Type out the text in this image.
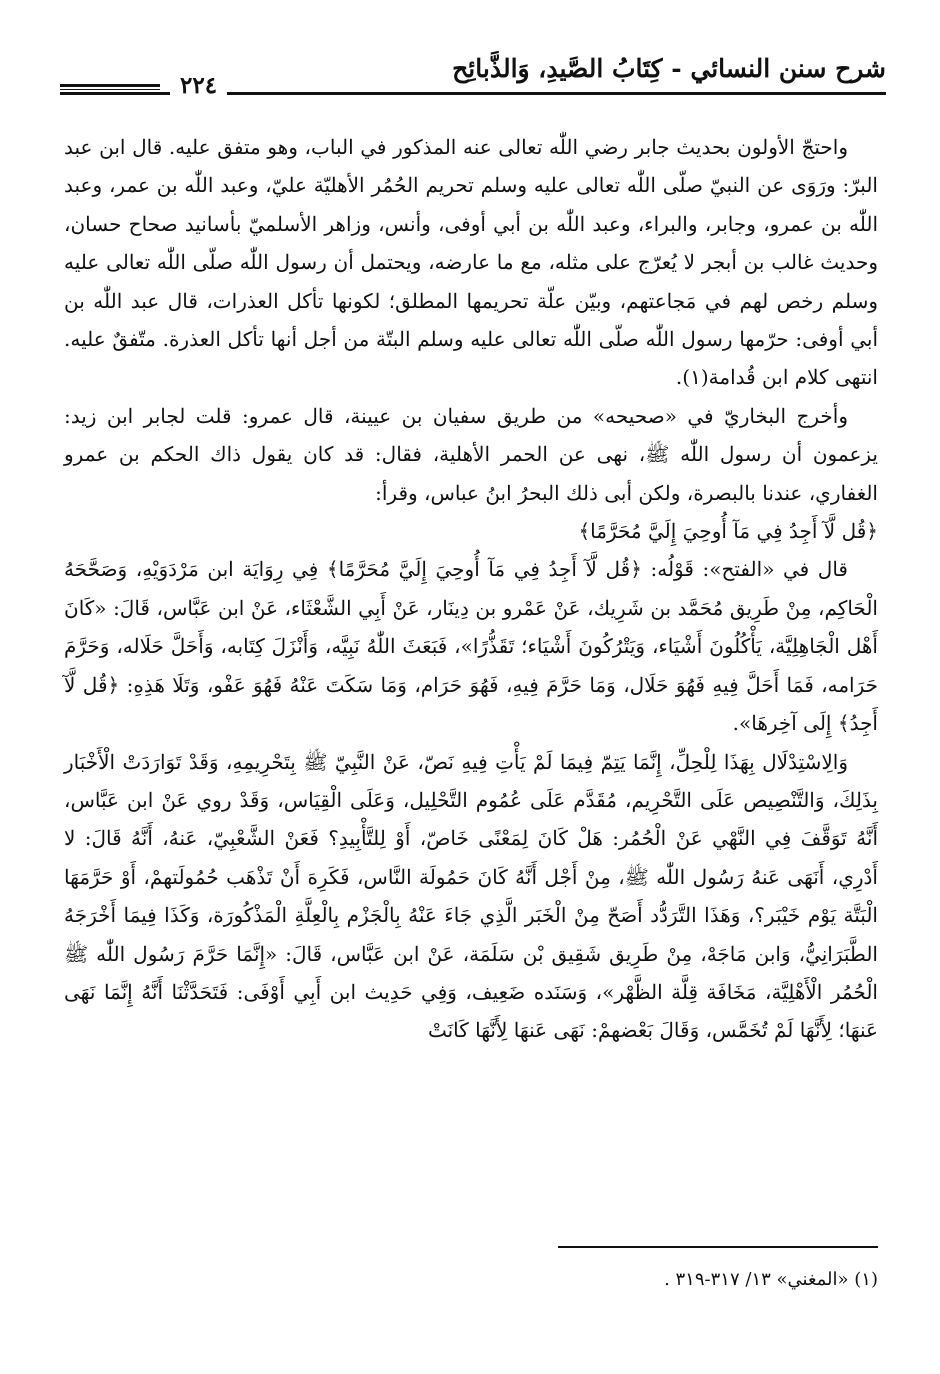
شرح سنن النسائي - كِتَابُ الصَّيدِ، وَالذَّبائِح
٢٢٤

واحتجّ الأولون بحديث جابر رضي اللّٰه تعالى عنه المذكور في الباب، وهو متفق عليه. قال ابن عبد البرّ: ورَوَى عن النبيّ صلّى اللّٰه تعالى عليه وسلم تحريم الحُمُر الأهليّة عليّ، وعبد اللّٰه بن عمر، وعبد اللّٰه بن عمرو، وجابر، والبراء، وعبد اللّٰه بن أبي أوفى، وأنس، وزاهر الأسلميّ بأسانيد صحاح حسان، وحديث غالب بن أبجر لا يُعرّج على مثله، مع ما عارضه، ويحتمل أن رسول اللّٰه صلّى اللّٰه تعالى عليه وسلم رخص لهم في مَجاعتهم، وبيّن علّة تحريمها المطلق؛ لكونها تأكل العذرات، قال عبد اللّٰه بن أبي أوفى: حرّمها رسول اللّٰه صلّى اللّٰه تعالى عليه وسلم البتّة من أجل أنها تأكل العذرة. متّفقٌ عليه. انتهى كلام ابن قُدامة(١).

وأخرج البخاريّ في «صحيحه» من طريق سفيان بن عيينة، قال عمرو: قلت لجابر ابن زيد: يزعمون أن رسول اللّٰه ﷺ، نهى عن الحمر الأهلية، فقال: قد كان يقول ذاك الحكم بن عمرو الغفاري، عندنا بالبصرة، ولكن أبى ذلك البحرُ ابنُ عباس، وقرأ:

﴿قُل لَّآ أَجِدُ فِي مَآ أُوحِيَ إِلَيَّ مُحَرَّمًا﴾

قال في «الفتح»: قَوْلُه: ﴿قُل لَّآ أَجِدُ فِي مَآ أُوحِيَ إِلَيَّ مُحَرَّمًا﴾ فِي رِوَايَة ابن مَرْدَوَيْهِ، وَصَحَّحَهُ الْحَاكِم، مِنْ طَرِيق مُحَمَّد بن شَرِيك، عَنْ عَمْرو بن دِينَار، عَنْ أَبِي الشَّعْثَاء، عَنْ ابن عَبَّاس، قَالَ: «كَانَ أَهْل الْجَاهِلِيَّة، يَأْكُلُونَ أَشْيَاء، وَيَتْرُكُونَ أَشْيَاء؛ تَقَذُّرًا»، فَبَعَثَ اللّٰهُ نَبِيَّه، وَأَنْزَلَ كِتَابه، وَأَحَلَّ حَلَاله، وَحَرَّمَ حَرَامه، فَمَا أَحَلَّ فِيهِ فَهُوَ حَلَال، وَمَا حَرَّمَ فِيهِ، فَهُوَ حَرَام، وَمَا سَكَتَ عَنْهُ فَهُوَ عَفْو، وَتَلَا هَذِهِ: ﴿قُل لَّآ أَجِدُ﴾ إِلَى آخِرهَا».

وَالِاسْتِدْلَال بِهَذَا لِلْحِلِّ، إِنَّمَا يَتِمّ فِيمَا لَمْ يَأْتِ فِيهِ نَصّ، عَنْ النَّبِيّ ﷺ بِتَحْرِيمِهِ، وَقَدْ تَوَارَدَتْ الْأَخْبَار بِذَلِكَ، وَالتَّنْصِيص عَلَى التَّحْرِيم، مُقَدَّم عَلَى عُمُوم التَّحْلِيل، وَعَلَى الْقِيَاس، وَقَدْ روي عَنْ ابن عَبَّاس، أَنَّهُ تَوَقَّفَ فِي النَّهْي عَنْ الْحُمُر: هَلْ كَانَ لِمَعْنًى خَاصّ، أَوْ لِلتَّأْبِيدِ؟ فَعَنْ الشَّعْبِيّ، عَنهُ، أَنَّهُ قَالَ: لا أَدْرِي، أَنَهَى عَنهُ رَسُول اللّٰه ﷺ، مِنْ أَجْل أَنَّهُ كَانَ حَمُولَة النَّاس، فَكَرِهَ أَنْ تَذْهَب حُمُولَتهمْ، أَوْ حَرَّمَهَا الْبَتَّة يَوْم خَيْبَر؟، وَهَذَا التَّرَدُّد أَصَحّ مِنْ الْخَبَر الَّذِي جَاءَ عَنْهُ بِالْجَزْم بِالْعِلَّةِ الْمَذْكُورَة، وَكَذَا فِيمَا أَخْرَجَهُ الطَّبَرَانِيُّ، وَابن مَاجَهْ، مِنْ طَرِيق شَقِيق بْن سَلَمَة، عَنْ ابن عَبَّاس، قَالَ: «إِنَّمَا حَرَّمَ رَسُول اللّٰه ﷺ الْحُمُر الْأَهْلِيَّة، مَخَافَة قِلَّة الظَّهْر»، وَسَنَده ضَعِيف، وَفِي حَدِيث ابن أَبِي أَوْفَى: فَتَحَدَّثْنَا أَنَّهُ إِنَّمَا نَهَى عَنهَا؛ لِأَنَّهَا لَمْ تُخَمَّس، وَقَالَ بَعْضهمْ: نَهَى عَنهَا لِأَنَّهَا كَانَتْ

(١) «المغني» ١٣/ ٣١٧-٣١٩ .
